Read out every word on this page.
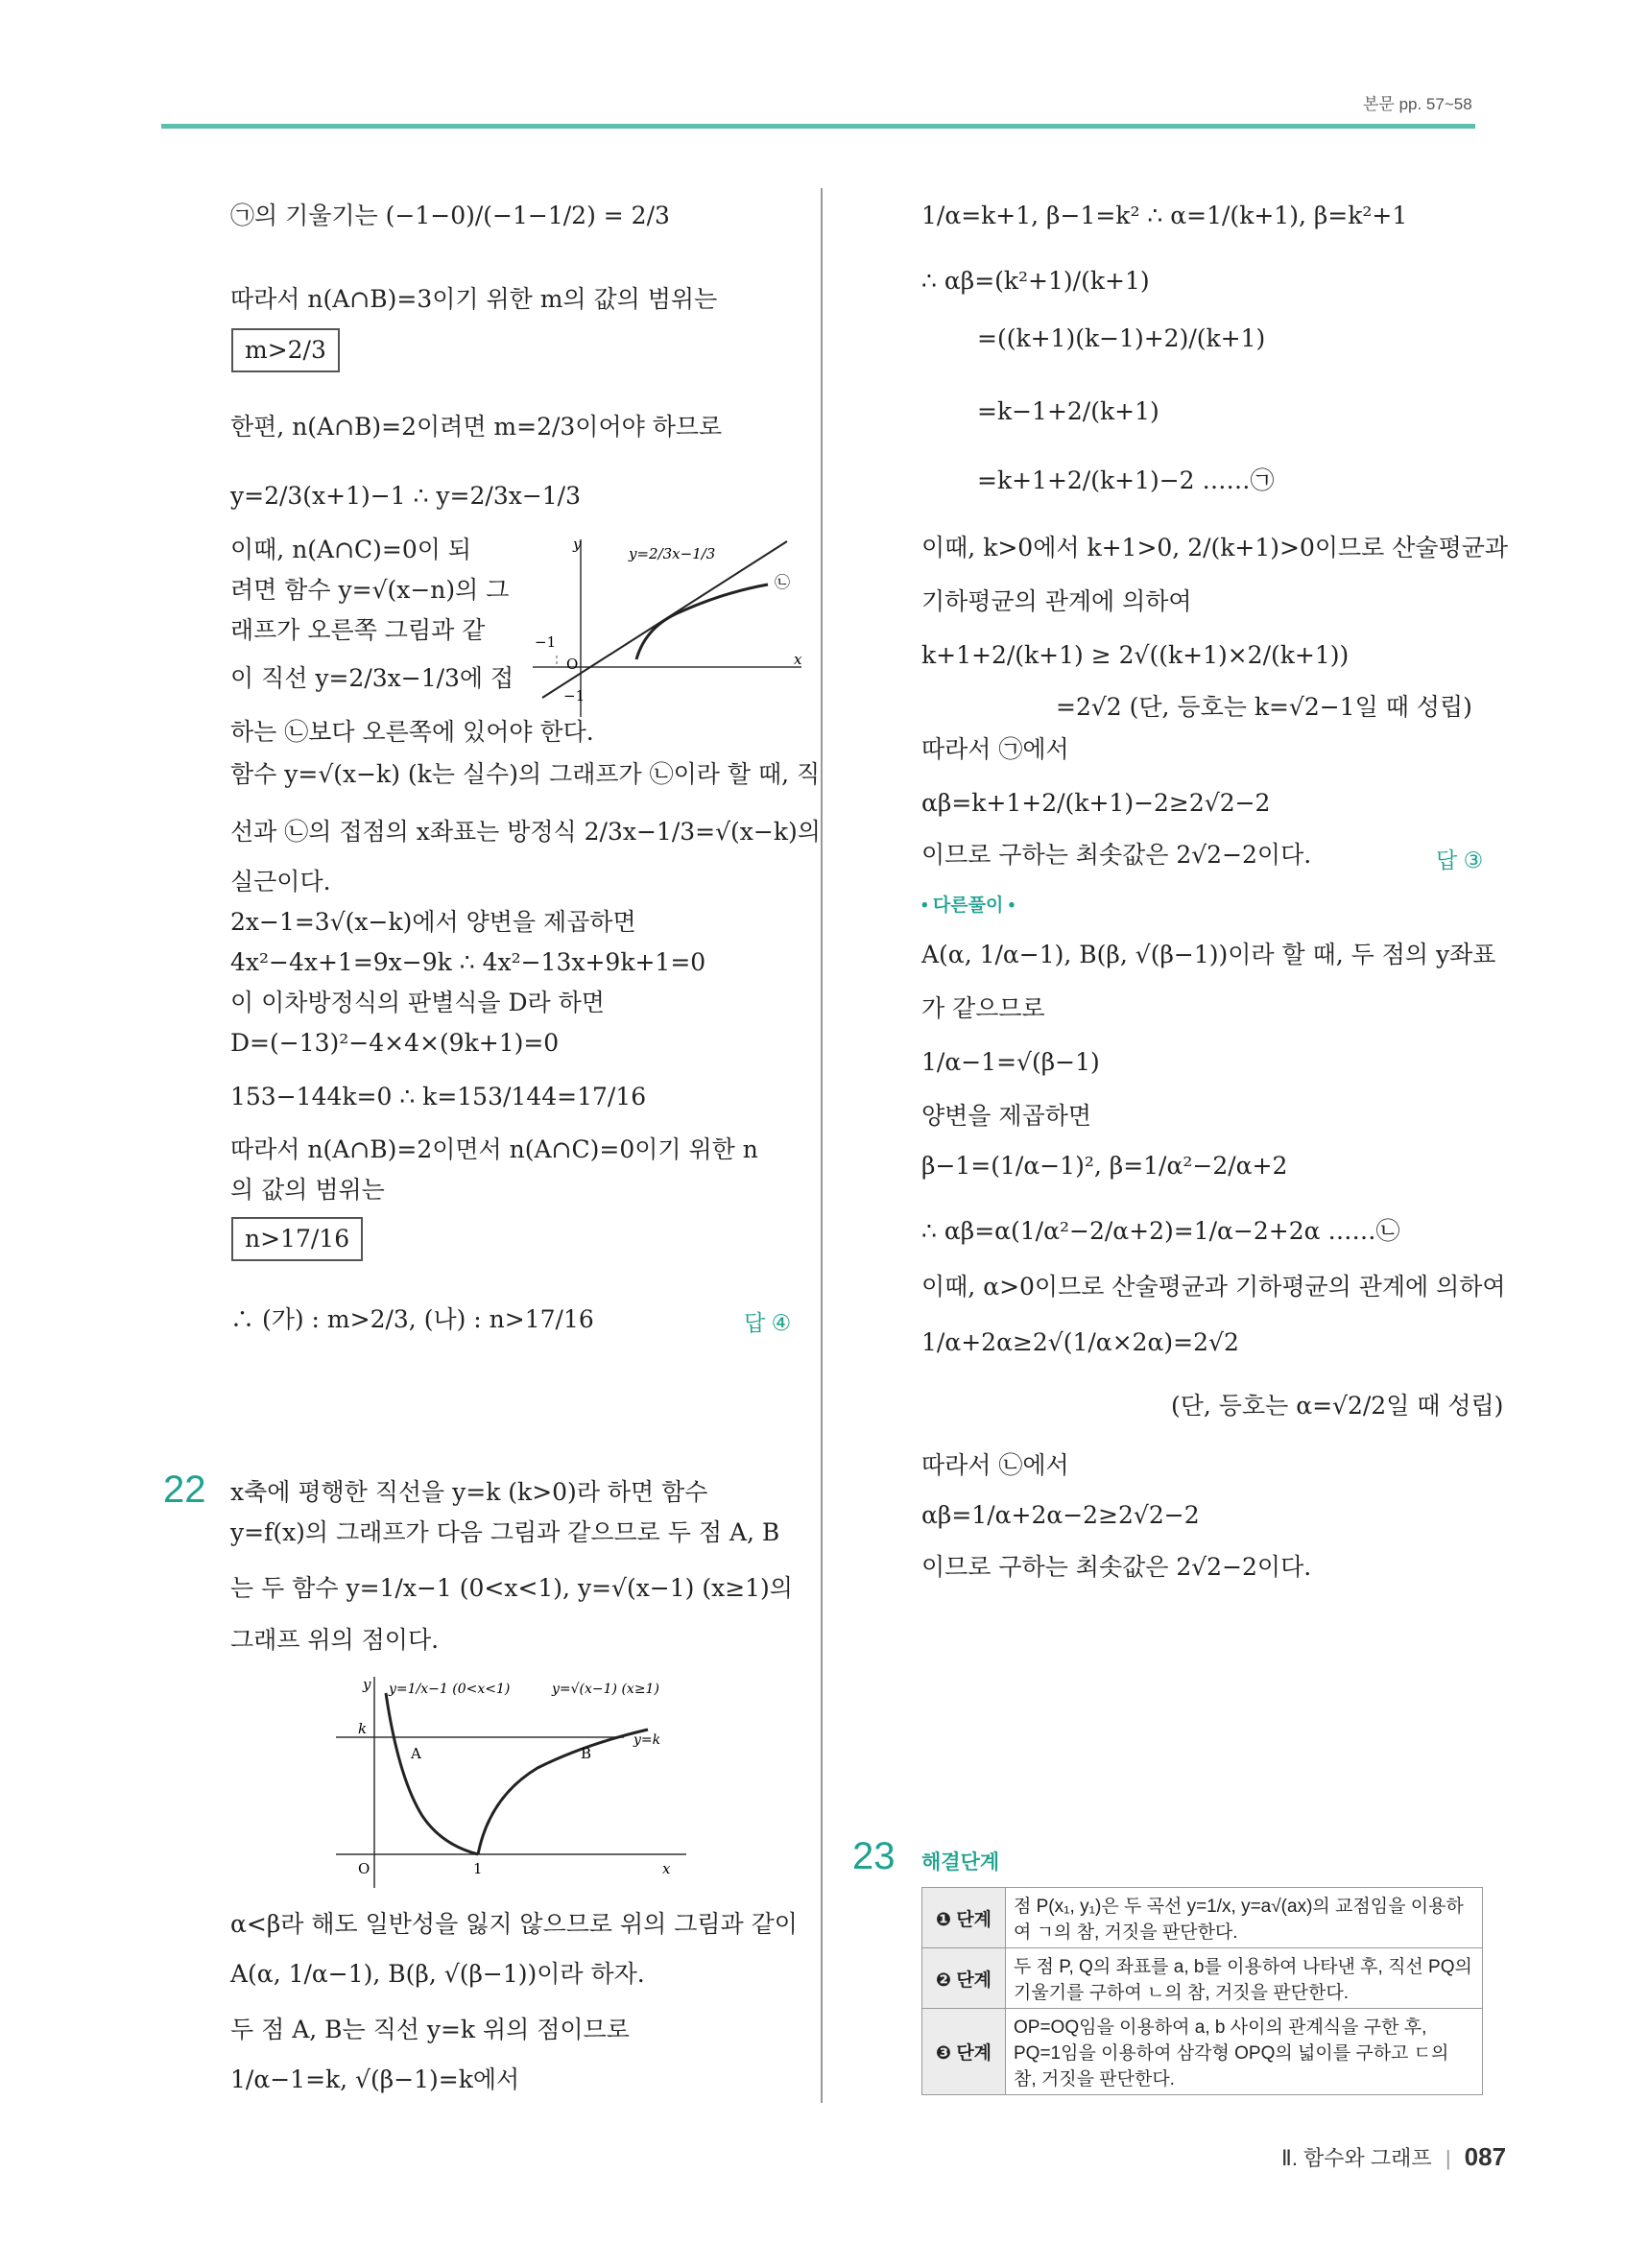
본문 pp. 57~58
㉠의 기울기는 (−1−0)/(−1−1/2) = 2/3
따라서 n(A∩B)=3이기 위한 m의 값의 범위는
m>2/3
한편, n(A∩B)=2이려면 m=2/3이어야 하므로
y=2/3(x+1)−1 ∴ y=2/3x−1/3
이때, n(A∩C)=0이 되
려면 함수 y=√(x−n)의 그
래프가 오른쪽 그림과 같
이 직선 y=2/3x−1/3에 접
하는 ㉡보다 오른쪽에 있어야 한다.
함수 y=√(x−k) (k는 실수)의 그래프가 ㉡이라 할 때, 직
선과 ㉡의 접점의 x좌표는 방정식 2/3x−1/3=√(x−k)의
실근이다.
2x−1=3√(x−k)에서 양변을 제곱하면
4x²−4x+1=9x−9k ∴ 4x²−13x+9k+1=0
이 이차방정식의 판별식을 D라 하면
D=(−13)²−4×4×(9k+1)=0
153−144k=0 ∴ k=153/144=17/16
따라서 n(A∩B)=2이면서 n(A∩C)=0이기 위한 n
의 값의 범위는
n>17/16
∴ (가) : m>2/3, (나) : n>17/16	답 ④
y
x
O
−1
−1
y=2/3x−1/3
㉡
22 x축에 평행한 직선을 y=k (k>0)라 하면 함수
y=f(x)의 그래프가 다음 그림과 같으므로 두 점 A, B
는 두 함수 y=1/x−1 (0<x<1), y=√(x−1) (x≥1)의
그래프 위의 점이다.
y y=1/x−1 (0<x<1)	y=√(x−1) (x≥1)
k
A	B
y=k
O	1	x
α<β라 해도 일반성을 잃지 않으므로 위의 그림과 같이
A(α, 1/α−1), B(β, √(β−1))이라 하자.
두 점 A, B는 직선 y=k 위의 점이므로
1/α−1=k, √(β−1)=k에서
1/α=k+1, β−1=k² ∴ α=1/(k+1), β=k²+1
∴ αβ=(k²+1)/(k+1)
=((k+1)(k−1)+2)/(k+1)
=k−1+2/(k+1)
=k+1+2/(k+1)−2 ……㉠
이때, k>0에서 k+1>0, 2/(k+1)>0이므로 산술평균과
기하평균의 관계에 의하여
k+1+2/(k+1) ≥ 2√((k+1)×2/(k+1))
=2√2 (단, 등호는 k=√2−1일 때 성립)
따라서 ㉠에서
αβ=k+1+2/(k+1)−2≥2√2−2
이므로 구하는 최솟값은 2√2−2이다.	답 ③
• 다른풀이 •
A(α, 1/α−1), B(β, √(β−1))이라 할 때, 두 점의 y좌표
가 같으므로
1/α−1=√(β−1)
양변을 제곱하면
β−1=(1/α−1)², β=1/α²−2/α+2
∴ αβ=α(1/α²−2/α+2)=1/α−2+2α ……㉡
이때, α>0이므로 산술평균과 기하평균의 관계에 의하여
1/α+2α≥2√(1/α×2α)=2√2
(단, 등호는 α=√2/2일 때 성립)
따라서 ㉡에서
αβ=1/α+2α−2≥2√2−2
이므로 구하는 최솟값은 2√2−2이다.
23 해결단계
❶ 단계	점 P(x₁, y₁)은 두 곡선 y=1/x, y=a√(ax)의 교점임을 이용하여 ㄱ의 참, 거짓을 판단한다.
❷ 단계	두 점 P, Q의 좌표를 a, b를 이용하여 나타낸 후, 직선 PQ의 기울기를 구하여 ㄴ의 참, 거짓을 판단한다.
❸ 단계	OP=OQ임을 이용하여 a, b 사이의 관계식을 구한 후, PQ=1임을 이용하여 삼각형 OPQ의 넓이를 구하고 ㄷ의 참, 거짓을 판단한다.
Ⅱ. 함수와 그래프 | 087
